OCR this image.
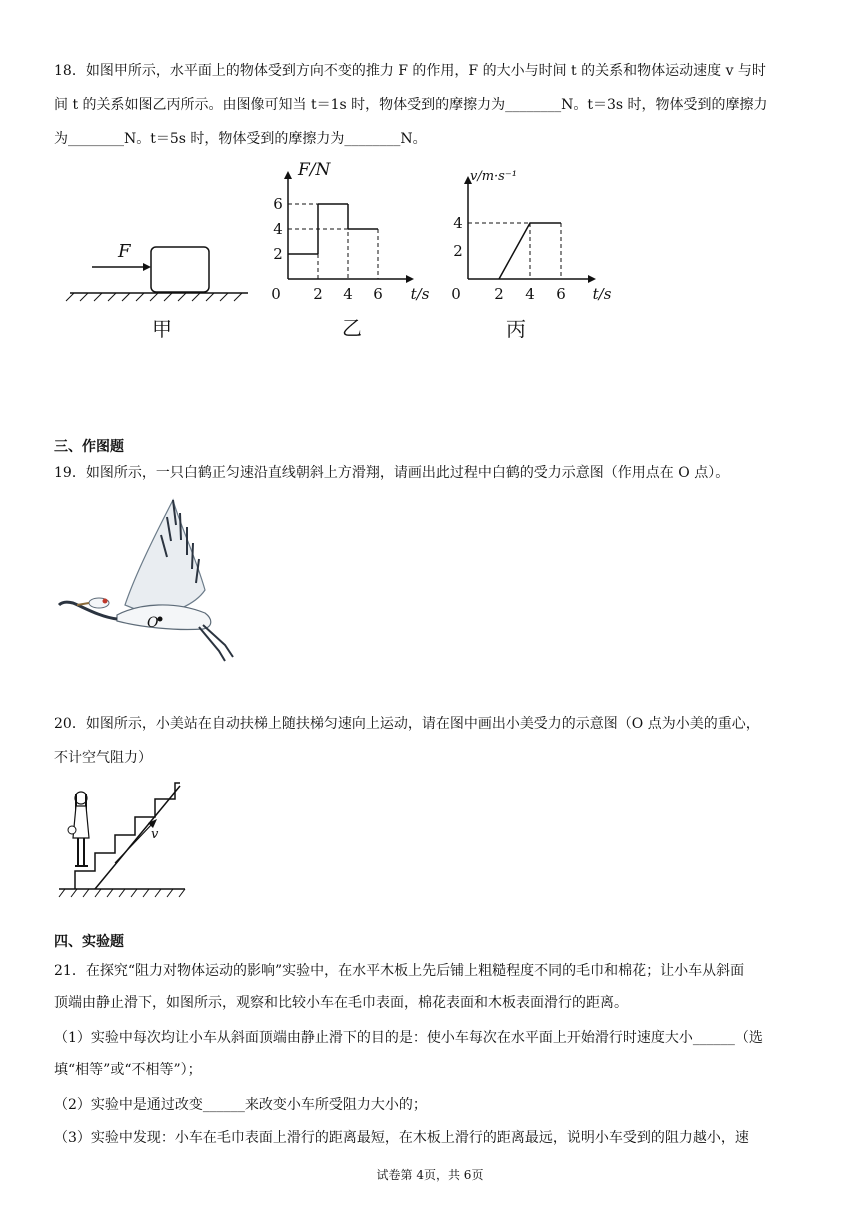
18．如图甲所示，水平面上的物体受到方向不变的推力 F 的作用，F 的大小与时间 t 的关系和物体运动速度 v 与时
间 t 的关系如图乙丙所示。由图像可知当 t＝1s 时，物体受到的摩擦力为________N。t＝3s 时，物体受到的摩擦力
为________N。t＝5s 时，物体受到的摩擦力为________N。
F
甲
F/N
t/s
0 2 4 6
2
4
6
乙
v/m·s⁻¹
t/s
0 2 4 6
2
4
丙
三、作图题
19．如图所示，一只白鹤正匀速沿直线朝斜上方滑翔，请画出此过程中白鹤的受力示意图（作用点在 O 点）。
O
20．如图所示，小美站在自动扶梯上随扶梯匀速向上运动，请在图中画出小美受力的示意图（O 点为小美的重心，
不计空气阻力）
v
四、实验题
21．在探究“阻力对物体运动的影响”实验中，在水平木板上先后铺上粗糙程度不同的毛巾和棉花；让小车从斜面
顶端由静止滑下，如图所示，观察和比较小车在毛巾表面，棉花表面和木板表面滑行的距离。
（1）实验中每次均让小车从斜面顶端由静止滑下的目的是：使小车每次在水平面上开始滑行时速度大小______（选
填“相等”或“不相等”）；
（2）实验中是通过改变______来改变小车所受阻力大小的；
（3）实验中发现：小车在毛巾表面上滑行的距离最短，在木板上滑行的距离最远，说明小车受到的阻力越小，速
试卷第 4页，共 6页
